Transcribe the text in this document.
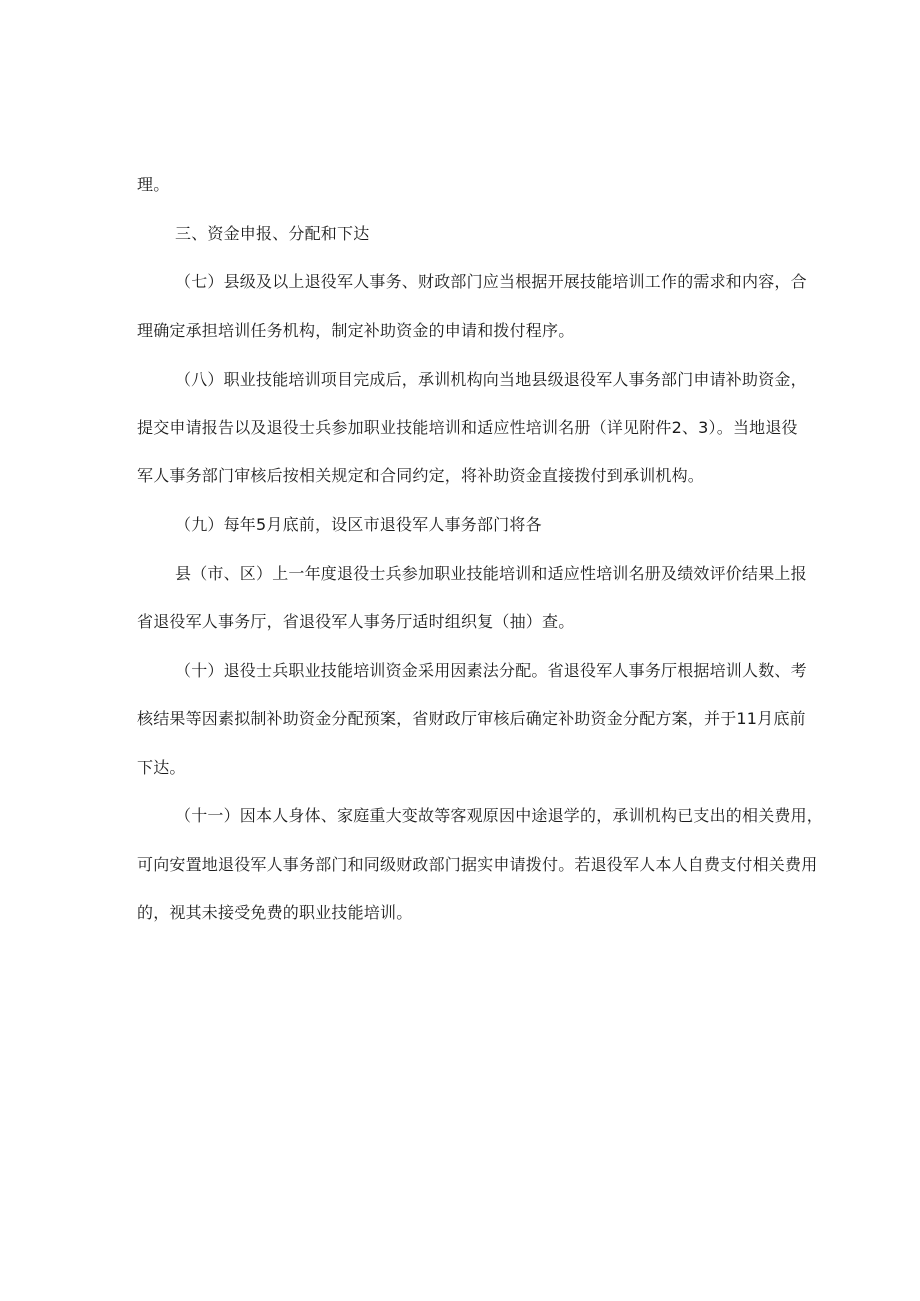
理。
三、资金申报、分配和下达
（七）县级及以上退役军人事务、财政部门应当根据开展技能培训工作的需求和内容，合
理确定承担培训任务机构，制定补助资金的申请和拨付程序。
（八）职业技能培训项目完成后，承训机构向当地县级退役军人事务部门申请补助资金，
提交申请报告以及退役士兵参加职业技能培训和适应性培训名册（详见附件2、3）。当地退役
军人事务部门审核后按相关规定和合同约定，将补助资金直接拨付到承训机构。
（九）每年5月底前，设区市退役军人事务部门将各
县（市、区）上一年度退役士兵参加职业技能培训和适应性培训名册及绩效评价结果上报
省退役军人事务厅，省退役军人事务厅适时组织复（抽）查。
（十）退役士兵职业技能培训资金采用因素法分配。省退役军人事务厅根据培训人数、考
核结果等因素拟制补助资金分配预案，省财政厅审核后确定补助资金分配方案，并于11月底前
下达。
（十一）因本人身体、家庭重大变故等客观原因中途退学的，承训机构已支出的相关费用，
可向安置地退役军人事务部门和同级财政部门据实申请拨付。若退役军人本人自费支付相关费用
的，视其未接受免费的职业技能培训。
